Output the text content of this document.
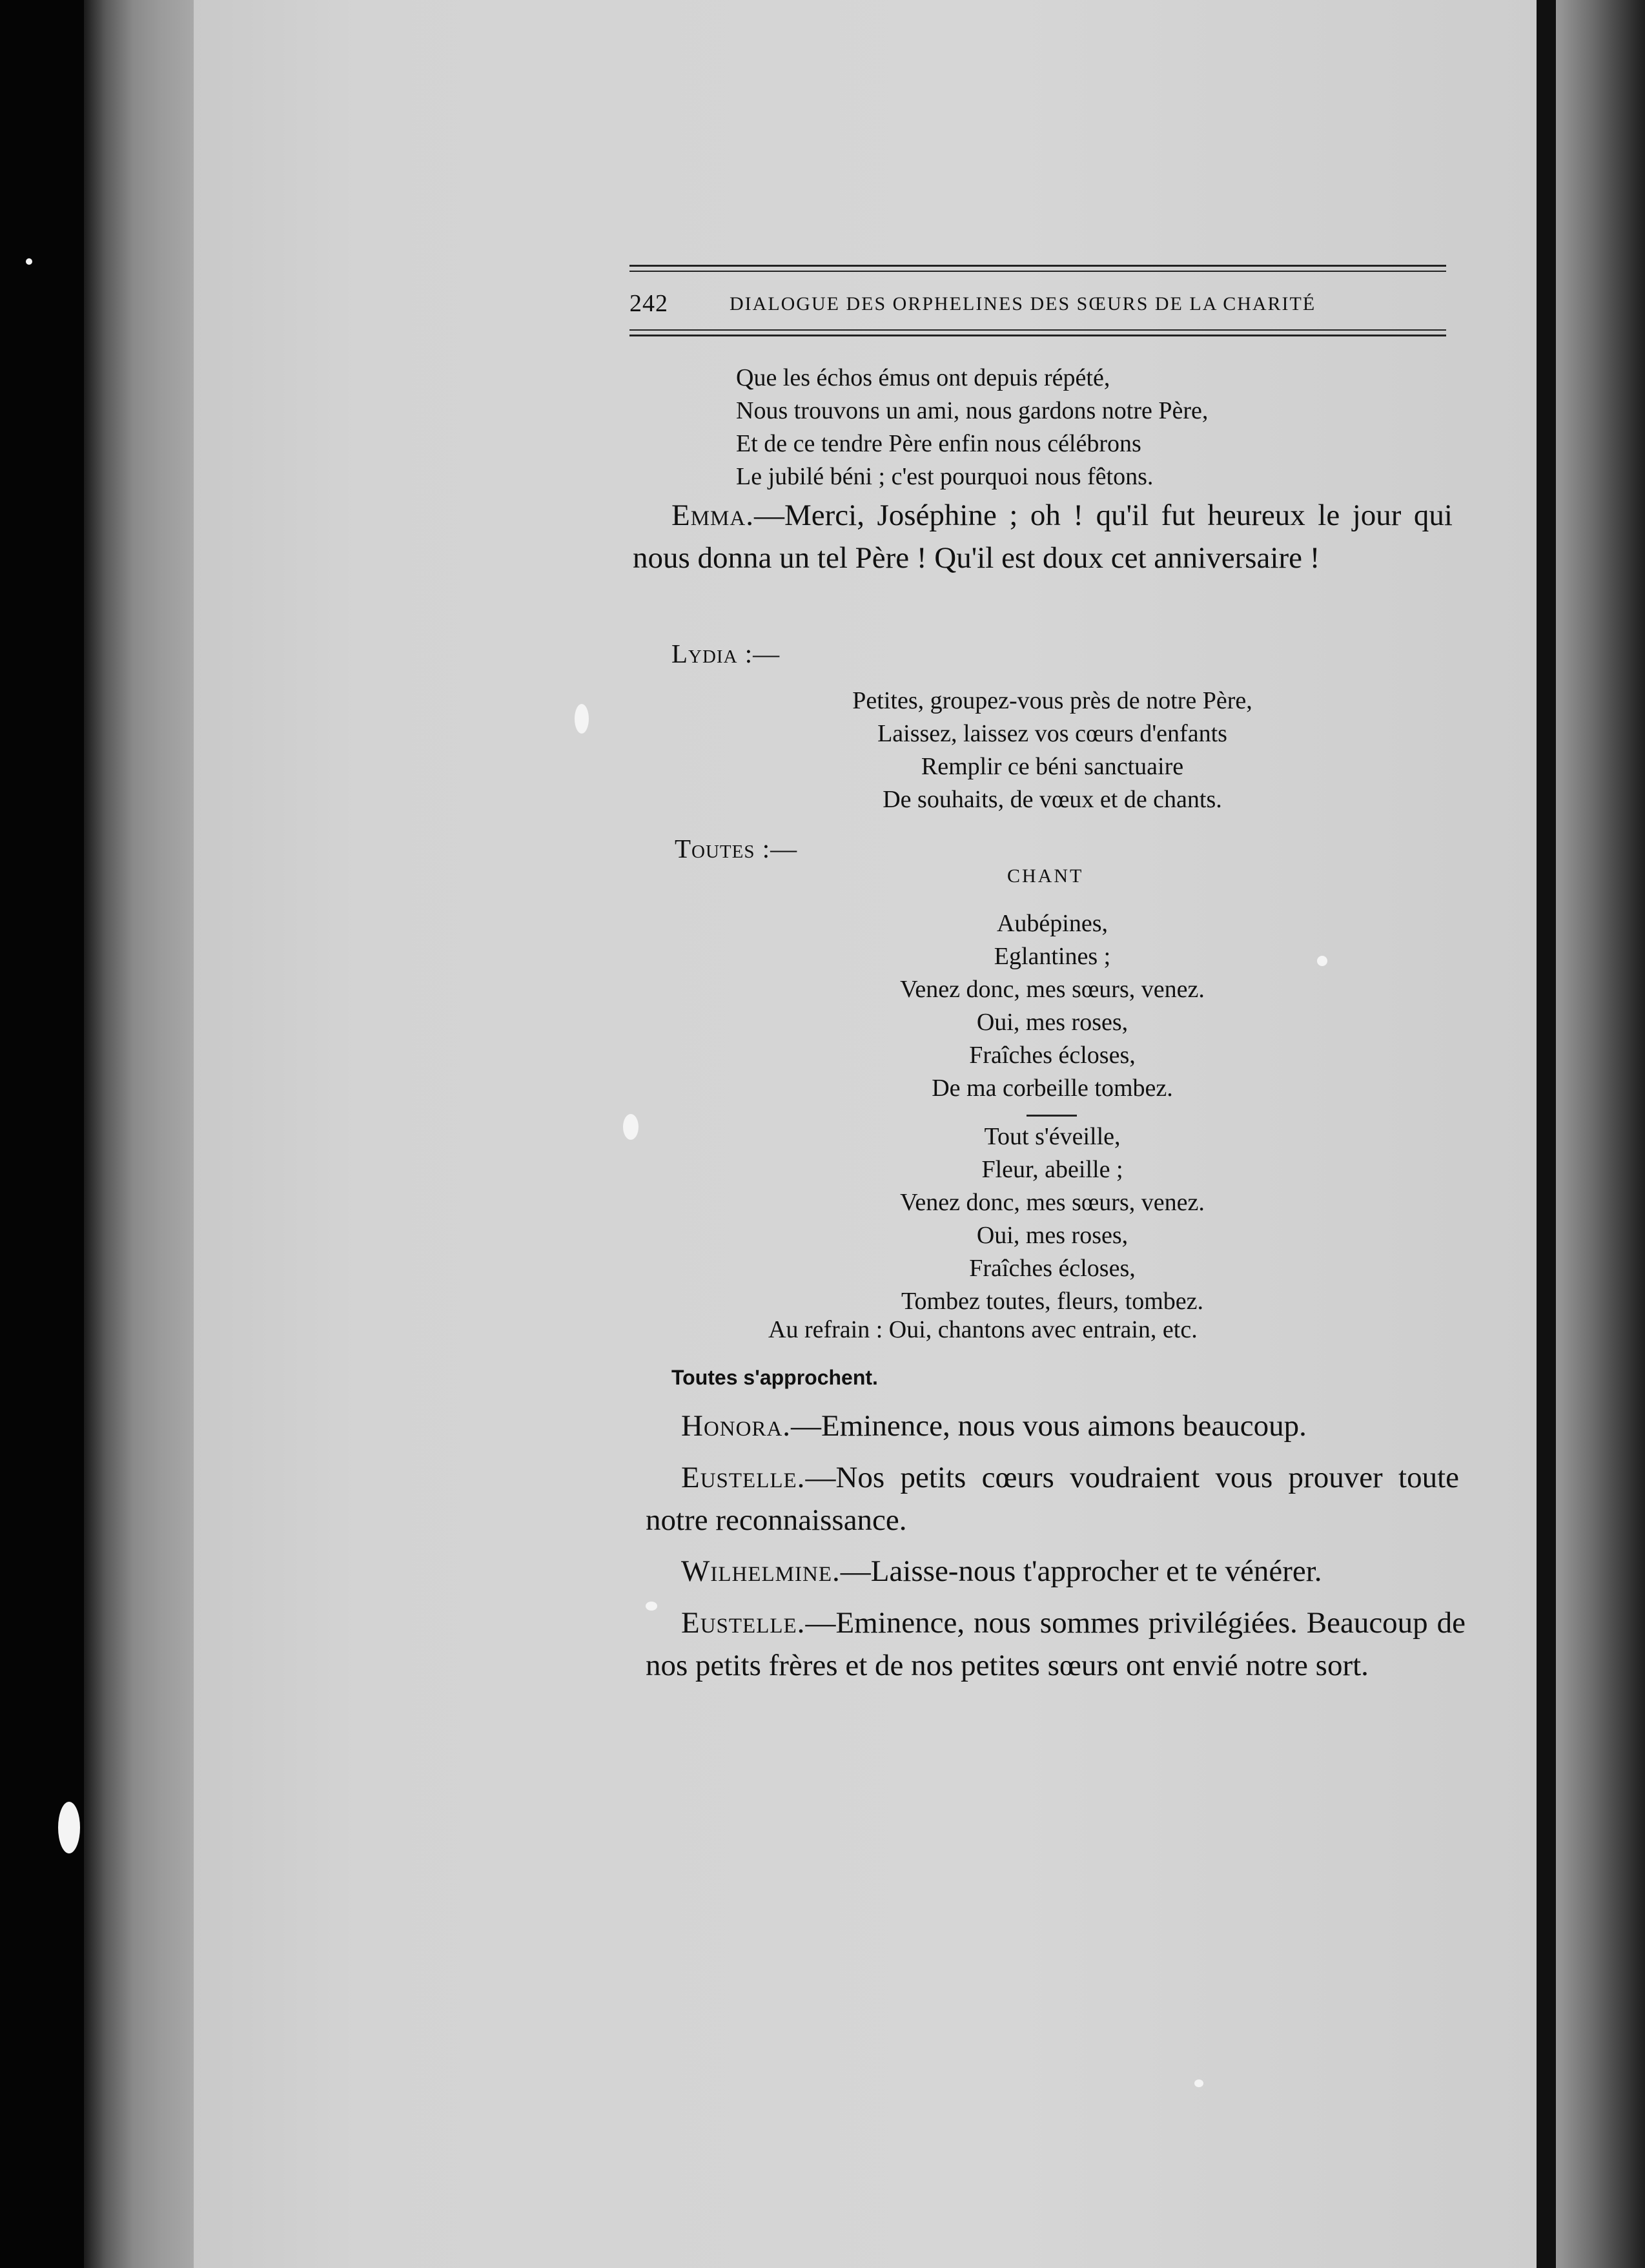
242	DIALOGUE DES ORPHELINES DES SŒURS DE LA CHARITÉ
Que les échos émus ont depuis répété,
Nous trouvons un ami, nous gardons notre Père,
Et de ce tendre Père enfin nous célébrons
Le jubilé béni ; c'est pourquoi nous fêtons.
Emma.—Merci, Joséphine ; oh ! qu'il fut heureux le jour qui nous donna un tel Père ! Qu'il est doux cet anniversaire !
Lydia :—
Petites, groupez-vous près de notre Père,
Laissez, laissez vos cœurs d'enfants
Remplir ce béni sanctuaire
De souhaits, de vœux et de chants.
Toutes :—
CHANT
Aubépines,
Eglantines ;
Venez donc, mes sœurs, venez.
Oui, mes roses,
Fraîches écloses,
De ma corbeille tombez.
Tout s'éveille,
Fleur, abeille ;
Venez donc, mes sœurs, venez.
Oui, mes roses,
Fraîches écloses,
Tombez toutes, fleurs, tombez.
Au refrain : Oui, chantons avec entrain, etc.
Toutes s'approchent.
Honora.—Eminence, nous vous aimons beaucoup.
Eustelle.—Nos petits cœurs voudraient vous prouver toute notre reconnaissance.
Wilhelmine.—Laisse-nous t'approcher et te vénérer.
Eustelle.—Eminence, nous sommes privilégiées. Beaucoup de nos petits frères et de nos petites sœurs ont envié notre sort.
